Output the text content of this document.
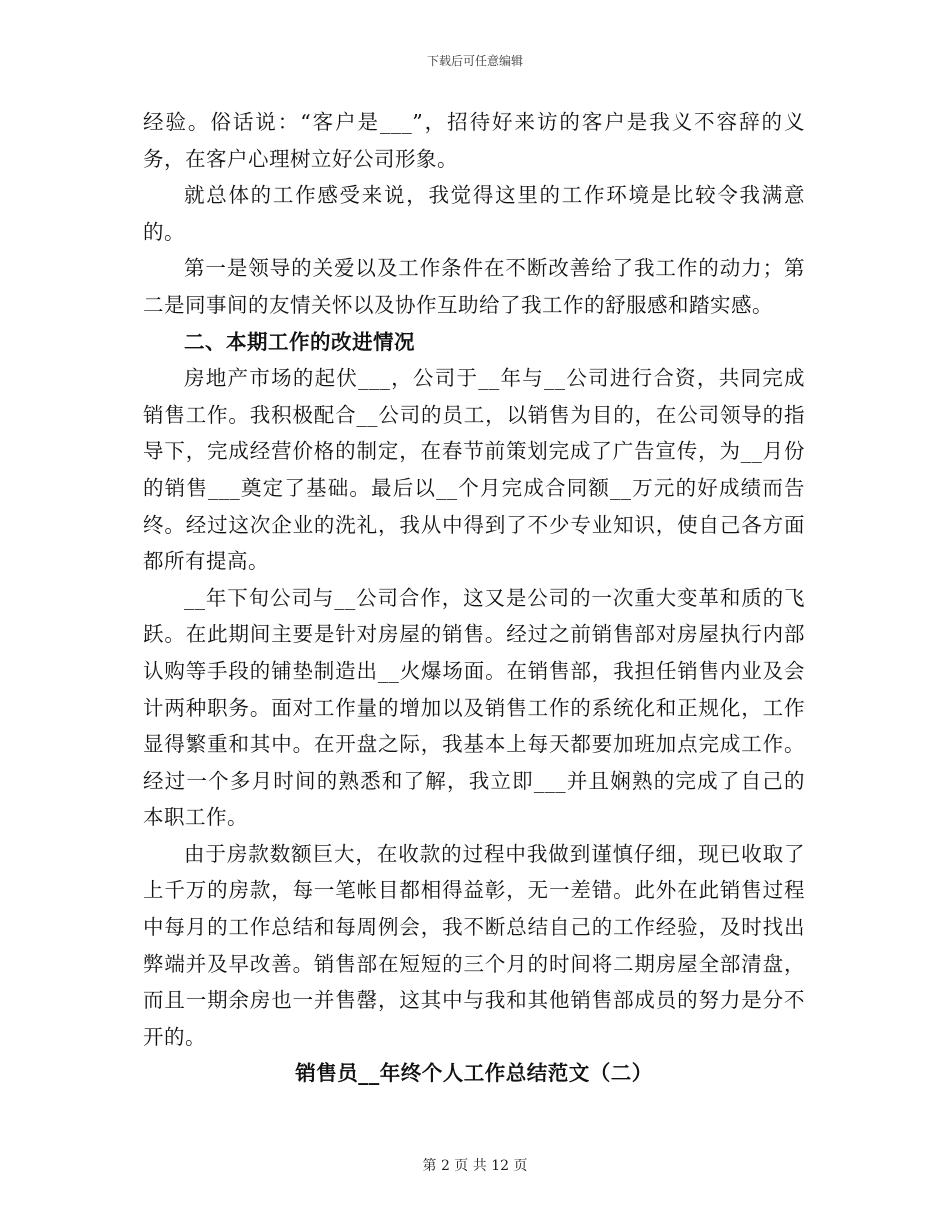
下载后可任意编辑

经验。俗话说：“客户是___”，招待好来访的客户是我义不容辞的义务，在客户心理树立好公司形象。

就总体的工作感受来说，我觉得这里的工作环境是比较令我满意的。

第一是领导的关爱以及工作条件在不断改善给了我工作的动力；第二是同事间的友情关怀以及协作互助给了我工作的舒服感和踏实感。

二、本期工作的改进情况

房地产市场的起伏___，公司于__年与__公司进行合资，共同完成销售工作。我积极配合__公司的员工，以销售为目的，在公司领导的指导下，完成经营价格的制定，在春节前策划完成了广告宣传，为__月份的销售___奠定了基础。最后以__个月完成合同额__万元的好成绩而告终。经过这次企业的洗礼，我从中得到了不少专业知识，使自己各方面都所有提高。

__年下旬公司与__公司合作，这又是公司的一次重大变革和质的飞跃。在此期间主要是针对房屋的销售。经过之前销售部对房屋执行内部认购等手段的铺垫制造出__火爆场面。在销售部，我担任销售内业及会计两种职务。面对工作量的增加以及销售工作的系统化和正规化，工作显得繁重和其中。在开盘之际，我基本上每天都要加班加点完成工作。经过一个多月时间的熟悉和了解，我立即___并且娴熟的完成了自己的本职工作。

由于房款数额巨大，在收款的过程中我做到谨慎仔细，现已收取了上千万的房款，每一笔帐目都相得益彰，无一差错。此外在此销售过程中每月的工作总结和每周例会，我不断总结自己的工作经验，及时找出弊端并及早改善。销售部在短短的三个月的时间将二期房屋全部清盘，而且一期余房也一并售罄，这其中与我和其他销售部成员的努力是分不开的。

销售员__年终个人工作总结范文（二）
第 2 页 共 12 页
